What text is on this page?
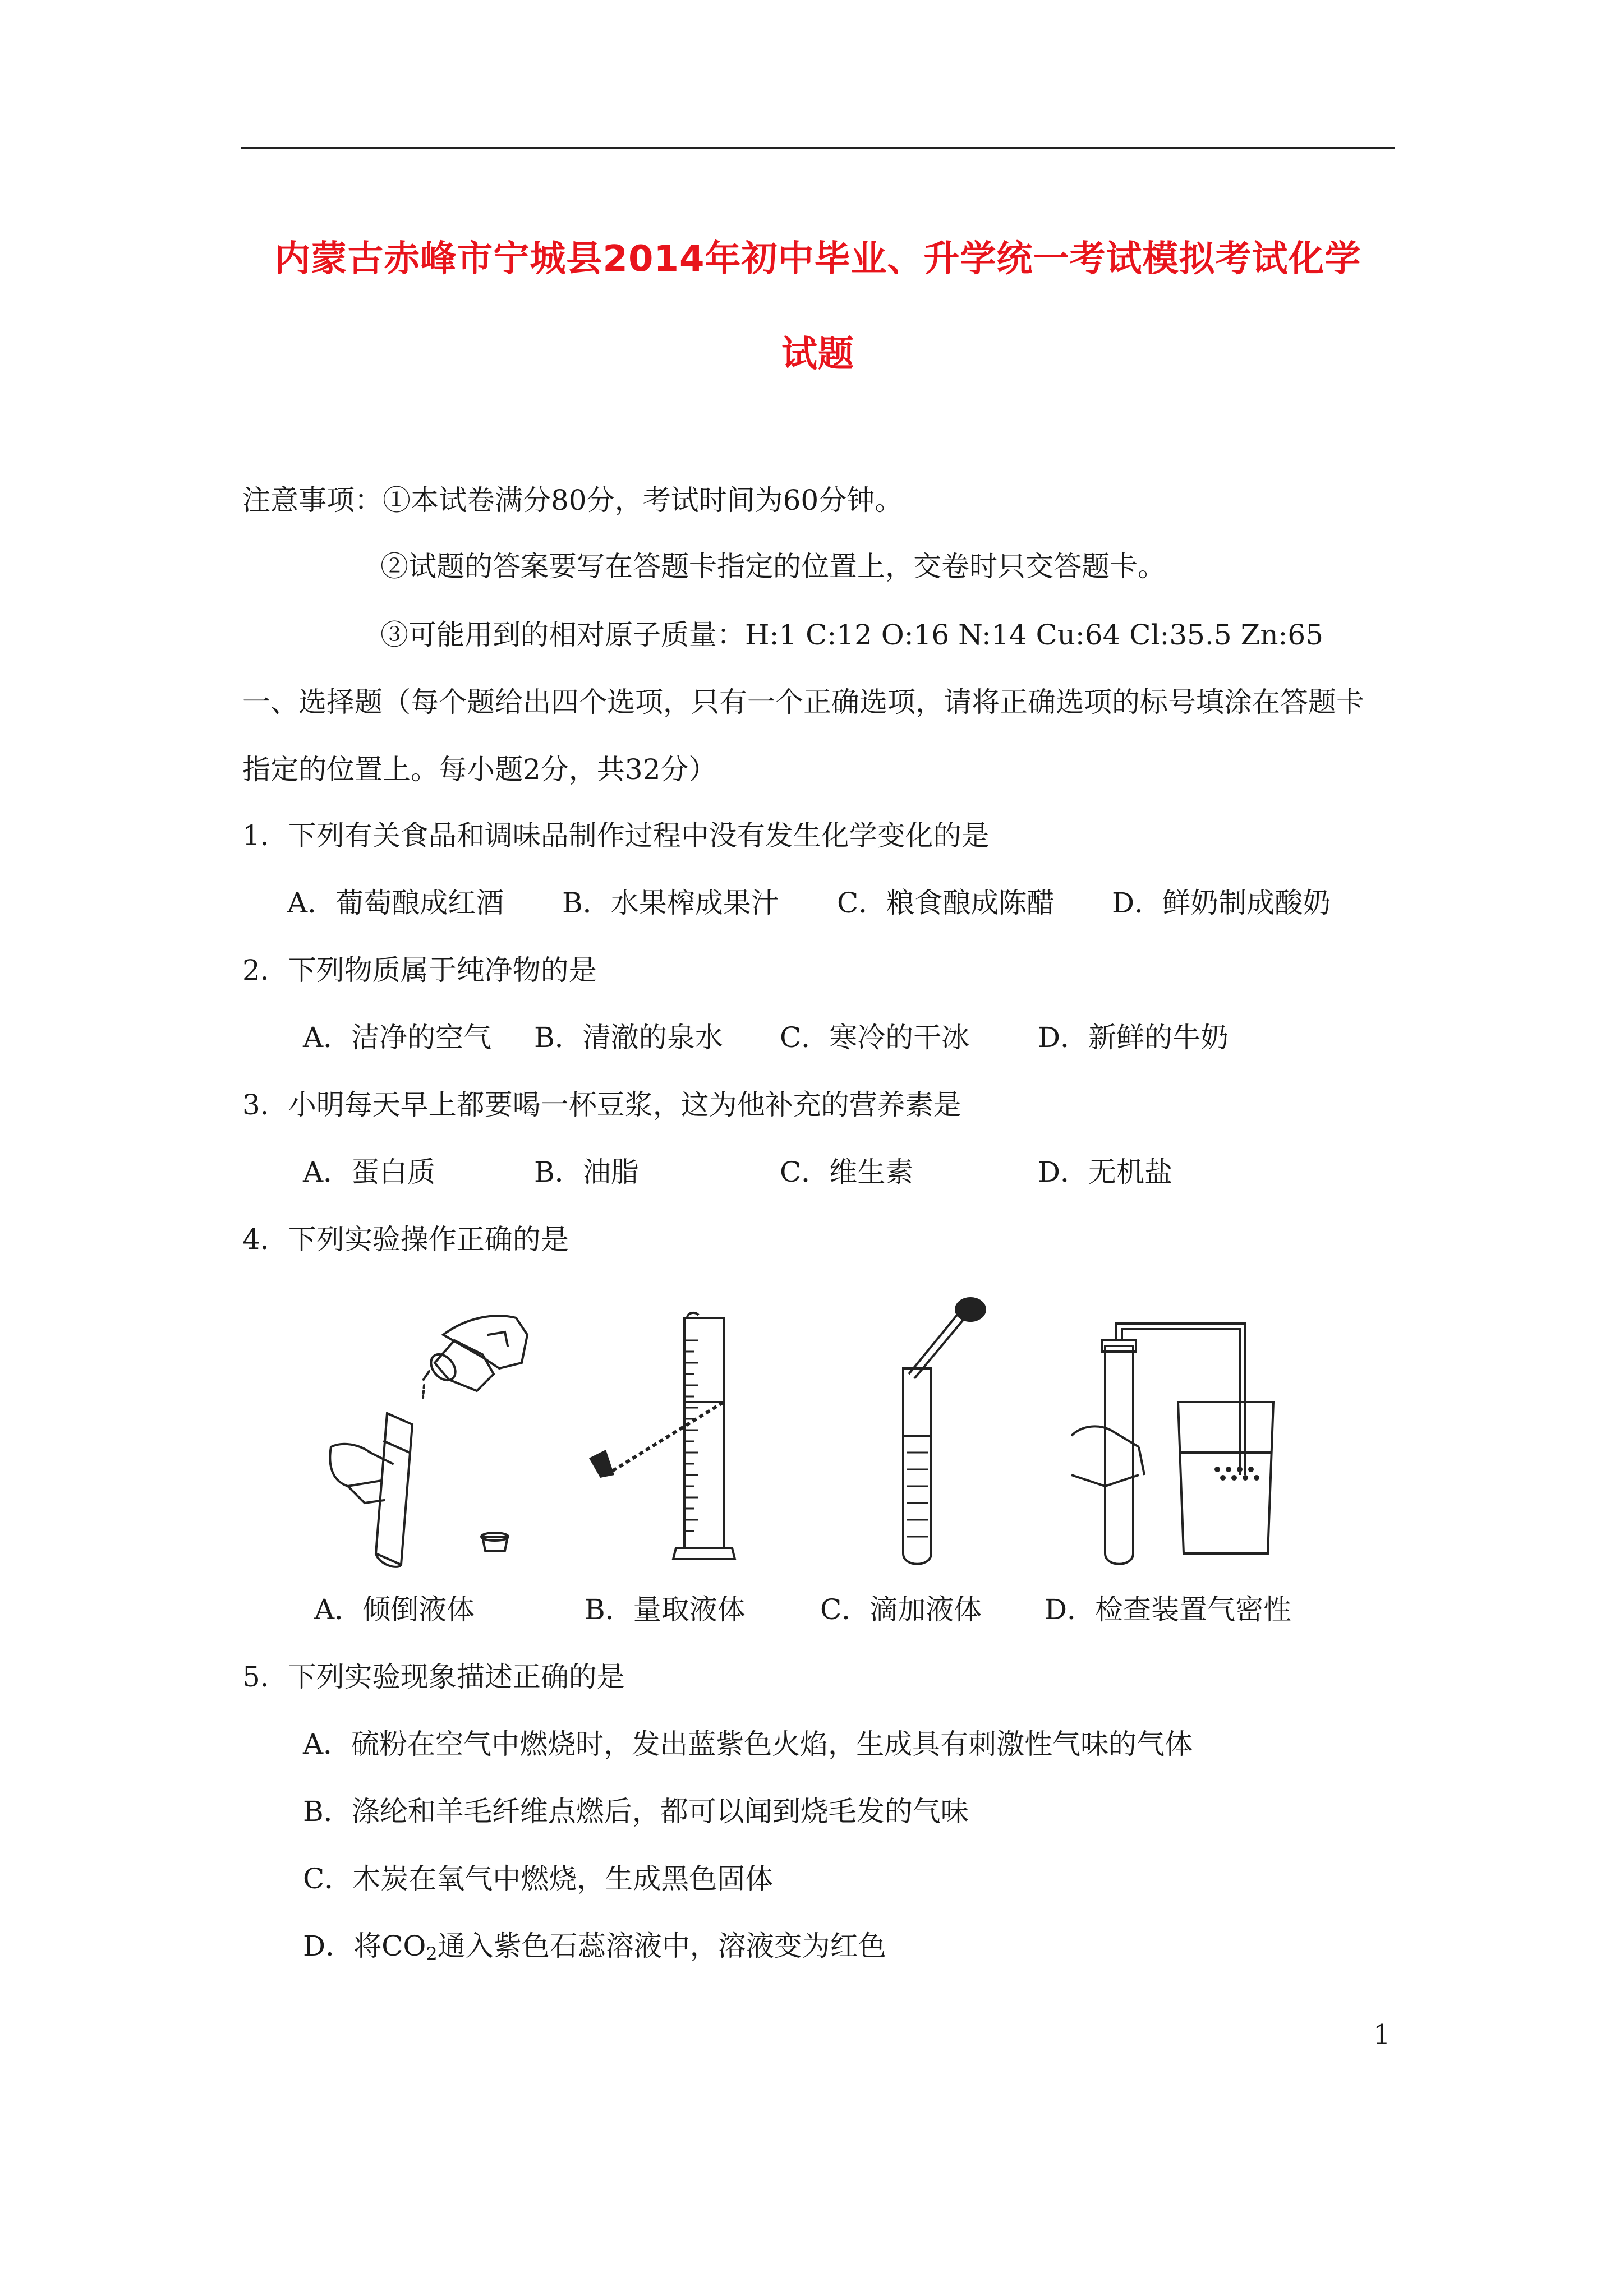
内蒙古赤峰市宁城县2014年初中毕业、升学统一考试模拟考试化学
试题
注意事项：①本试卷满分80分，考试时间为60分钟。
②试题的答案要写在答题卡指定的位置上，交卷时只交答题卡。
③可能用到的相对原子质量：H:1 C:12 O:16 N:14 Cu:64 Cl:35.5 Zn:65
一、选择题（每个题给出四个选项，只有一个正确选项，请将正确选项的标号填涂在答题卡
指定的位置上。每小题2分，共32分）
1．下列有关食品和调味品制作过程中没有发生化学变化的是
A．葡萄酿成红酒 B．水果榨成果汁 C．粮食酿成陈醋 D．鲜奶制成酸奶
2．下列物质属于纯净物的是
A．洁净的空气 B．清澈的泉水 C．寒冷的干冰 D．新鲜的牛奶
3．小明每天早上都要喝一杯豆浆，这为他补充的营养素是
A．蛋白质	B．油脂	C．维生素	D．无机盐
4．下列实验操作正确的是
A．倾倒液体	B．量取液体	C．滴加液体 D．检查装置气密性
5．下列实验现象描述正确的是
A．硫粉在空气中燃烧时，发出蓝紫色火焰，生成具有刺激性气味的气体
B．涤纶和羊毛纤维点燃后，都可以闻到烧毛发的气味
C．木炭在氧气中燃烧，生成黑色固体
D．将$CO_2$通入紫色石蕊溶液中，溶液变为红色
1
